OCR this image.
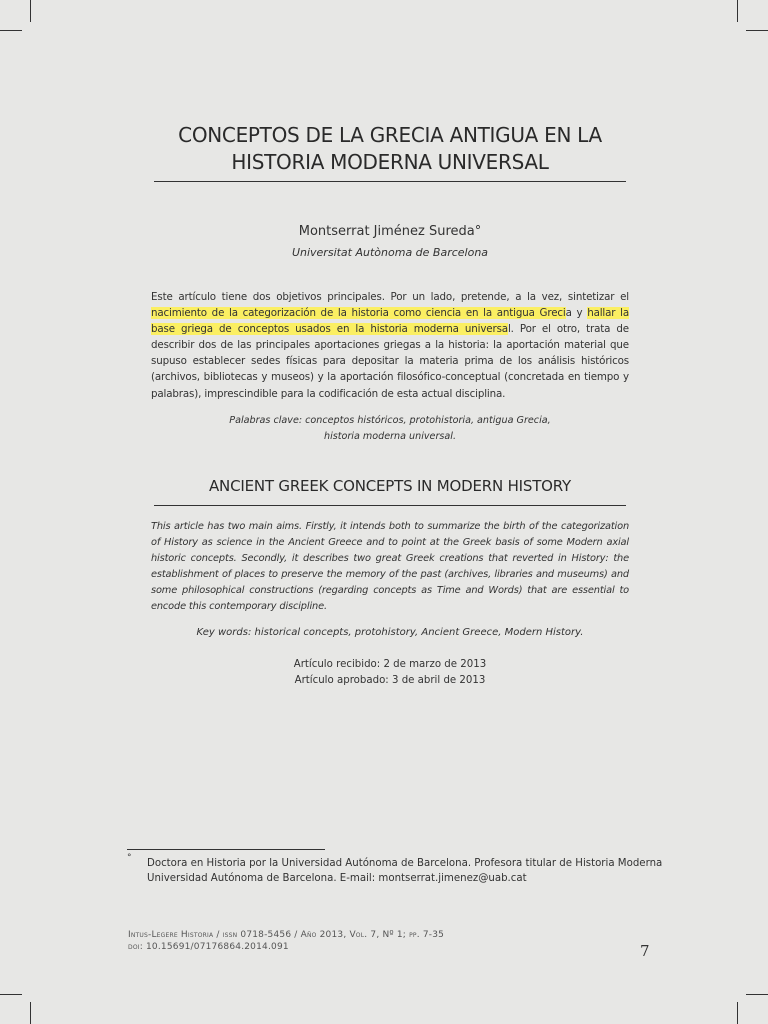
CONCEPTOS DE LA GRECIA ANTIGUA EN LA
HISTORIA MODERNA UNIVERSAL
Montserrat Jiménez Sureda°
Universitat Autònoma de Barcelona
Este artículo tiene dos objetivos principales. Por un lado, pretende, a la vez, sintetizar el nacimiento de la categorización de la historia como ciencia en la antigua Grecia y hallar la base griega de conceptos usados en la historia moderna universal. Por el otro, trata de describir dos de las principales aportaciones griegas a la historia: la aportación material que supuso establecer sedes físicas para depositar la materia prima de los análisis históricos (archivos, bibliotecas y museos) y la aportación filosófico-conceptual (concretada en tiempo y palabras), imprescindible para la codificación de esta actual disciplina.
Palabras clave: conceptos históricos, protohistoria, antigua Grecia,
historia moderna universal.
ANCIENT GREEK CONCEPTS IN MODERN HISTORY
This article has two main aims. Firstly, it intends both to summarize the birth of the categorization of History as science in the Ancient Greece and to point at the Greek basis of some Modern axial historic concepts. Secondly, it describes two great Greek creations that reverted in History: the establishment of places to preserve the memory of the past (archives, libraries and museums) and some philosophical constructions (regarding concepts as Time and Words) that are essential to encode this contemporary discipline.
Key words: historical concepts, protohistory, Ancient Greece, Modern History.
Artículo recibido: 2 de marzo de 2013
Artículo aprobado: 3 de abril de 2013
° Doctora en Historia por la Universidad Autónoma de Barcelona. Profesora titular de Historia Moderna Universidad Autónoma de Barcelona. E-mail: montserrat.jimenez@uab.cat
Intus-Legere Historia / issn 0718-5456 / Año 2013, Vol. 7, Nº 1; pp. 7-35
doi: 10.15691/07176864.2014.091	7
